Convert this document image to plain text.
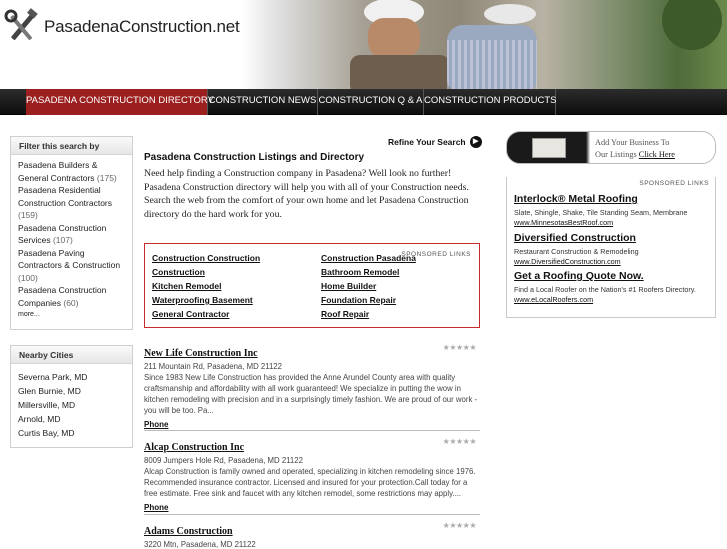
PasadenaConstruction.net
PASADENA CONSTRUCTION DIRECTORY
CONSTRUCTION NEWS CONSTRUCTION Q & A CONSTRUCTION PRODUCTS
Filter this search by
Pasadena Builders & General Contractors (175)
Pasadena Residential Construction Contractors (159)
Pasadena Construction Services (107)
Pasadena Paving Contractors & Construction (100)
Pasadena Construction Companies (60)
more...
Nearby Cities
Severna Park, MD
Glen Burnie, MD
Millersville, MD
Arnold, MD
Curtis Bay, MD
Refine Your Search	▶
Pasadena Construction Listings and Directory
Need help finding a Construction company in Pasadena? Well look no further! Pasadena Construction directory will help you with all of your Construction needs. Search the web from the comfort of your own home and let Pasadena Construction directory do the hard work for you.
SPONSORED LINKS
Construction Construction
Construction
Kitchen Remodel
Waterproofing Basement
General Contractor
Construction Pasadena
Bathroom Remodel
Home Builder
Foundation Repair
Roof Repair
New Life Construction Inc
★★★★★
211 Mountain Rd, Pasadena, MD 21122
Since 1983 New Life Construction has provided the Anne Arundel County area with quality craftsmanship and affordability with all work guaranteed! We specialize in putting the wow in kitchen remodeling with precision and in a surprisingly timely fashion. We are proud of our work - you will be too. Pa...
Phone
Alcap Construction Inc
★★★★★
8009 Jumpers Hole Rd, Pasadena, MD 21122
Alcap Construction is family owned and operated, specializing in kitchen remodeling since 1976. Recommended insurance contractor. Licensed and insured for your protection.Call today for a free estimate. Free sink and faucet with any kitchen remodel, some restrictions may apply....
Phone
Adams Construction
★★★★★
3220 Mtn, Pasadena, MD 21122
Add Your Business To
Our Listings Click Here
SPONSORED LINKS
Interlock® Metal Roofing
Slate, Shingle, Shake, Tile Standing Seam, Membrane
www.MinnesotasBestRoof.com
Diversified Construction
Restaurant Construction & Remodeling
www.DiversifiedConstruction.com
Get a Roofing Quote Now.
Find a Local Roofer on the Nation's #1 Roofers Directory.
www.eLocalRoofers.com
